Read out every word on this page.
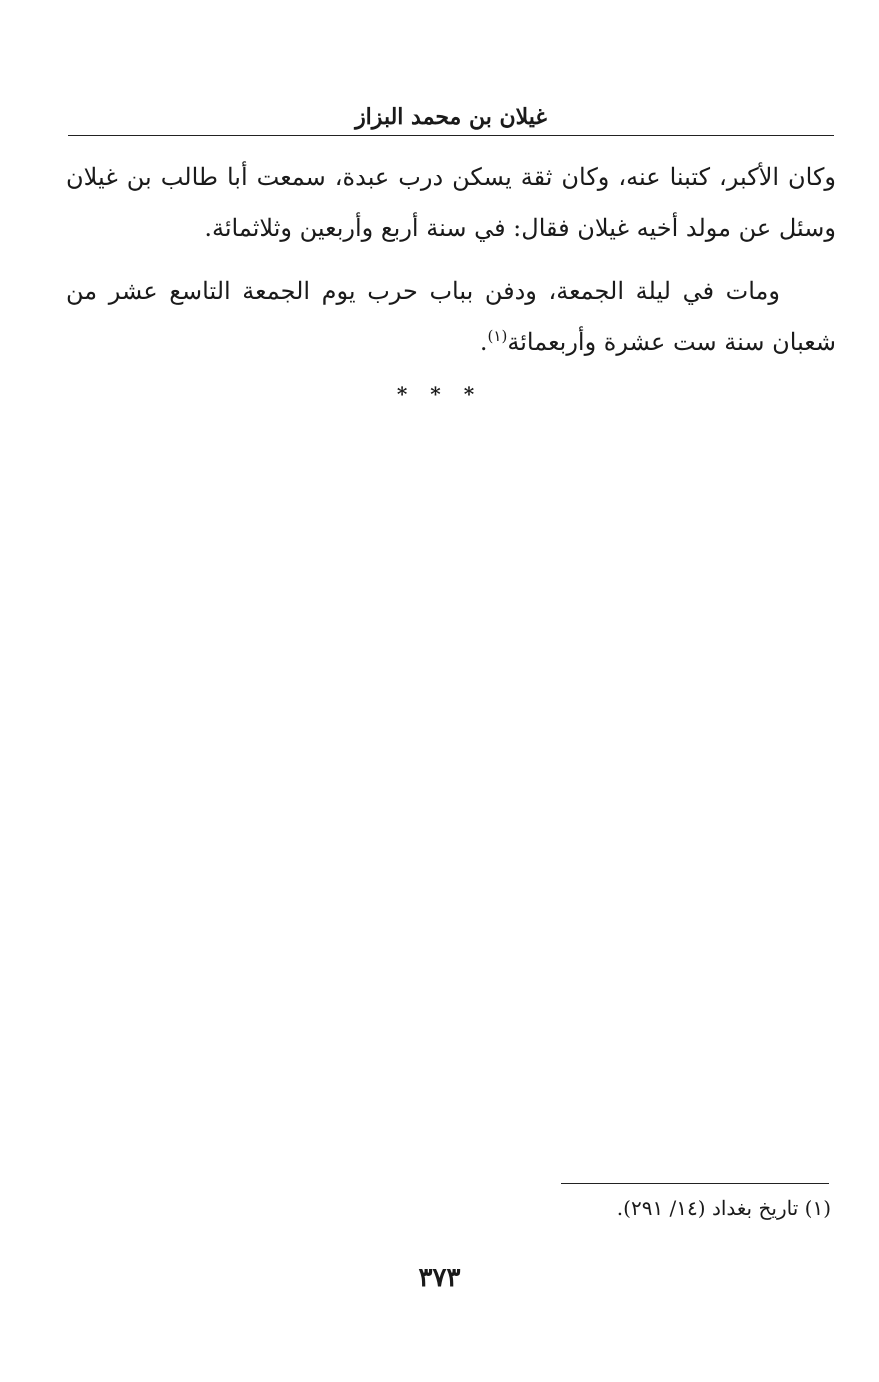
غيلان بن محمد البزاز

وكان الأكبر، كتبنا عنه، وكان ثقة يسكن درب عبدة، سمعت أبا طالب بن غيلان وسئل عن مولد أخيه غيلان فقال: في سنة أربع وأربعين وثلاثمائة.

ومات في ليلة الجمعة، ودفن بباب حرب يوم الجمعة التاسع عشر من شعبان سنة ست عشرة وأربعمائة$^{(١)}$.

* * *
(١) تاريخ بغداد (١٤/ ٢٩١).
٣٧٣
